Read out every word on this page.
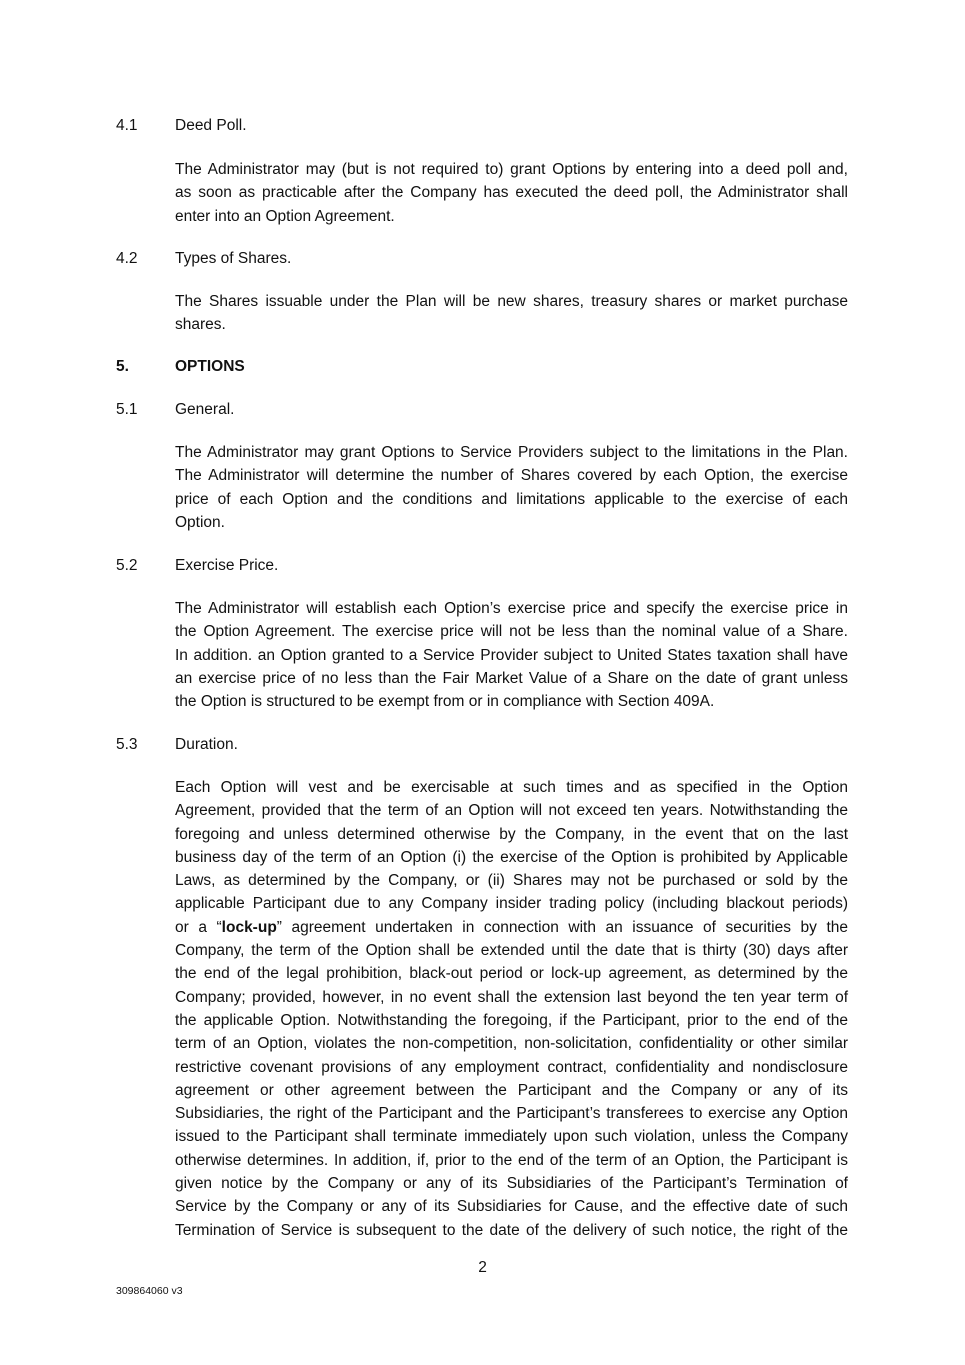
4.1 Deed Poll.
The Administrator may (but is not required to) grant Options by entering into a deed poll and,
as soon as practicable after the Company has executed the deed poll, the Administrator shall
enter into an Option Agreement.
4.2 Types of Shares.
The Shares issuable under the Plan will be new shares, treasury shares or market purchase
shares.
5.	OPTIONS
5.1 General.
The Administrator may grant Options to Service Providers subject to the limitations in the Plan.
The Administrator will determine the number of Shares covered by each Option, the exercise
price of each Option and the conditions and limitations applicable to the exercise of each
Option.
5.2 Exercise Price.
The Administrator will establish each Option’s exercise price and specify the exercise price in
the Option Agreement. The exercise price will not be less than the nominal value of a Share.
In addition. an Option granted to a Service Provider subject to United States taxation shall have
an exercise price of no less than the Fair Market Value of a Share on the date of grant unless
the Option is structured to be exempt from or in compliance with Section 409A.
5.3 Duration.
Each Option will vest and be exercisable at such times and as specified in the Option
Agreement, provided that the term of an Option will not exceed ten years. Notwithstanding the
foregoing and unless determined otherwise by the Company, in the event that on the last
business day of the term of an Option (i) the exercise of the Option is prohibited by Applicable
Laws, as determined by the Company, or (ii) Shares may not be purchased or sold by the
applicable Participant due to any Company insider trading policy (including blackout periods)
or a “lock-up” agreement undertaken in connection with an issuance of securities by the
Company, the term of the Option shall be extended until the date that is thirty (30) days after
the end of the legal prohibition, black-out period or lock-up agreement, as determined by the
Company; provided, however, in no event shall the extension last beyond the ten year term of
the applicable Option. Notwithstanding the foregoing, if the Participant, prior to the end of the
term of an Option, violates the non-competition, non-solicitation, confidentiality or other similar
restrictive covenant provisions of any employment contract, confidentiality and nondisclosure
agreement or other agreement between the Participant and the Company or any of its
Subsidiaries, the right of the Participant and the Participant’s transferees to exercise any Option
issued to the Participant shall terminate immediately upon such violation, unless the Company
otherwise determines. In addition, if, prior to the end of the term of an Option, the Participant is
given notice by the Company or any of its Subsidiaries of the Participant’s Termination of
Service by the Company or any of its Subsidiaries for Cause, and the effective date of such
Termination of Service is subsequent to the date of the delivery of such notice, the right of the
2
309864060 v3
